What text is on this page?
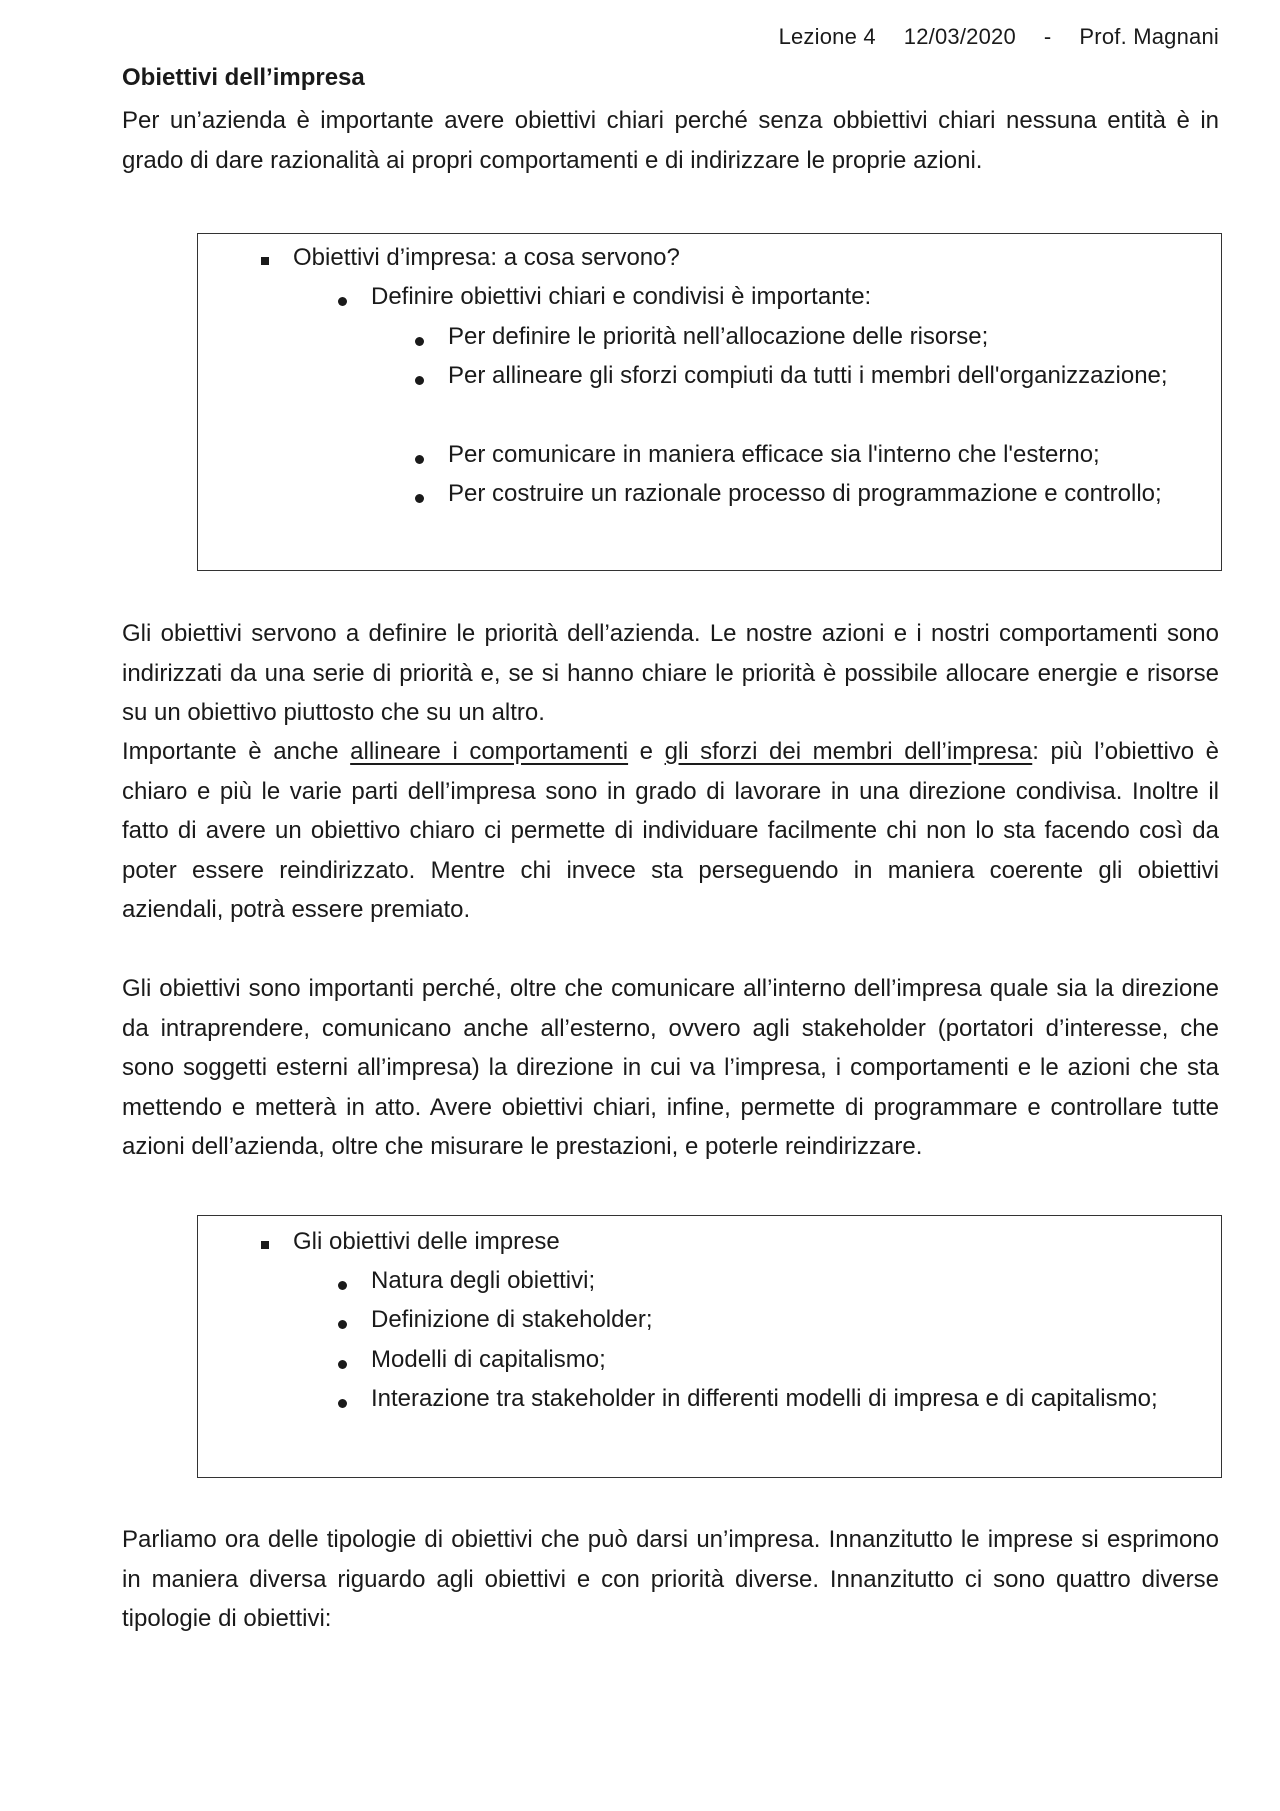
Lezione 4 12/03/2020 - Prof. Magnani
Obiettivi dell’impresa
Per un’azienda è importante avere obiettivi chiari perché senza obbiettivi chiari nessuna entità è in grado di dare razionalità ai propri comportamenti e di indirizzare le proprie azioni.
Obiettivi d’impresa: a cosa servono?
Definire obiettivi chiari e condivisi è importante:
Per definire le priorità nell’allocazione delle risorse;
Per allineare gli sforzi compiuti da tutti i membri dell'organizzazione;
Per comunicare in maniera efficace sia l'interno che l'esterno;
Per costruire un razionale processo di programmazione e controllo;
Gli obiettivi servono a definire le priorità dell’azienda. Le nostre azioni e i nostri comportamenti sono indirizzati da una serie di priorità e, se si hanno chiare le priorità è possibile allocare energie e risorse su un obiettivo piuttosto che su un altro.
Importante è anche allineare i comportamenti e gli sforzi dei membri dell’impresa: più l’obiettivo è chiaro e più le varie parti dell’impresa sono in grado di lavorare in una direzione condivisa. Inoltre il fatto di avere un obiettivo chiaro ci permette di individuare facilmente chi non lo sta facendo così da poter essere reindirizzato. Mentre chi invece sta perseguendo in maniera coerente gli obiettivi aziendali, potrà essere premiato.
Gli obiettivi sono importanti perché, oltre che comunicare all’interno dell’impresa quale sia la direzione da intraprendere, comunicano anche all’esterno, ovvero agli stakeholder (portatori d’interesse, che sono soggetti esterni all’impresa) la direzione in cui va l’impresa, i comportamenti e le azioni che sta mettendo e metterà in atto. Avere obiettivi chiari, infine, permette di programmare e controllare tutte azioni dell’azienda, oltre che misurare le prestazioni, e poterle reindirizzare.
Gli obiettivi delle imprese
Natura degli obiettivi;
Definizione di stakeholder;
Modelli di capitalismo;
Interazione tra stakeholder in differenti modelli di impresa e di capitalismo;
Parliamo ora delle tipologie di obiettivi che può darsi un’impresa. Innanzitutto le imprese si esprimono in maniera diversa riguardo agli obiettivi e con priorità diverse. Innanzitutto ci sono quattro diverse tipologie di obiettivi:
